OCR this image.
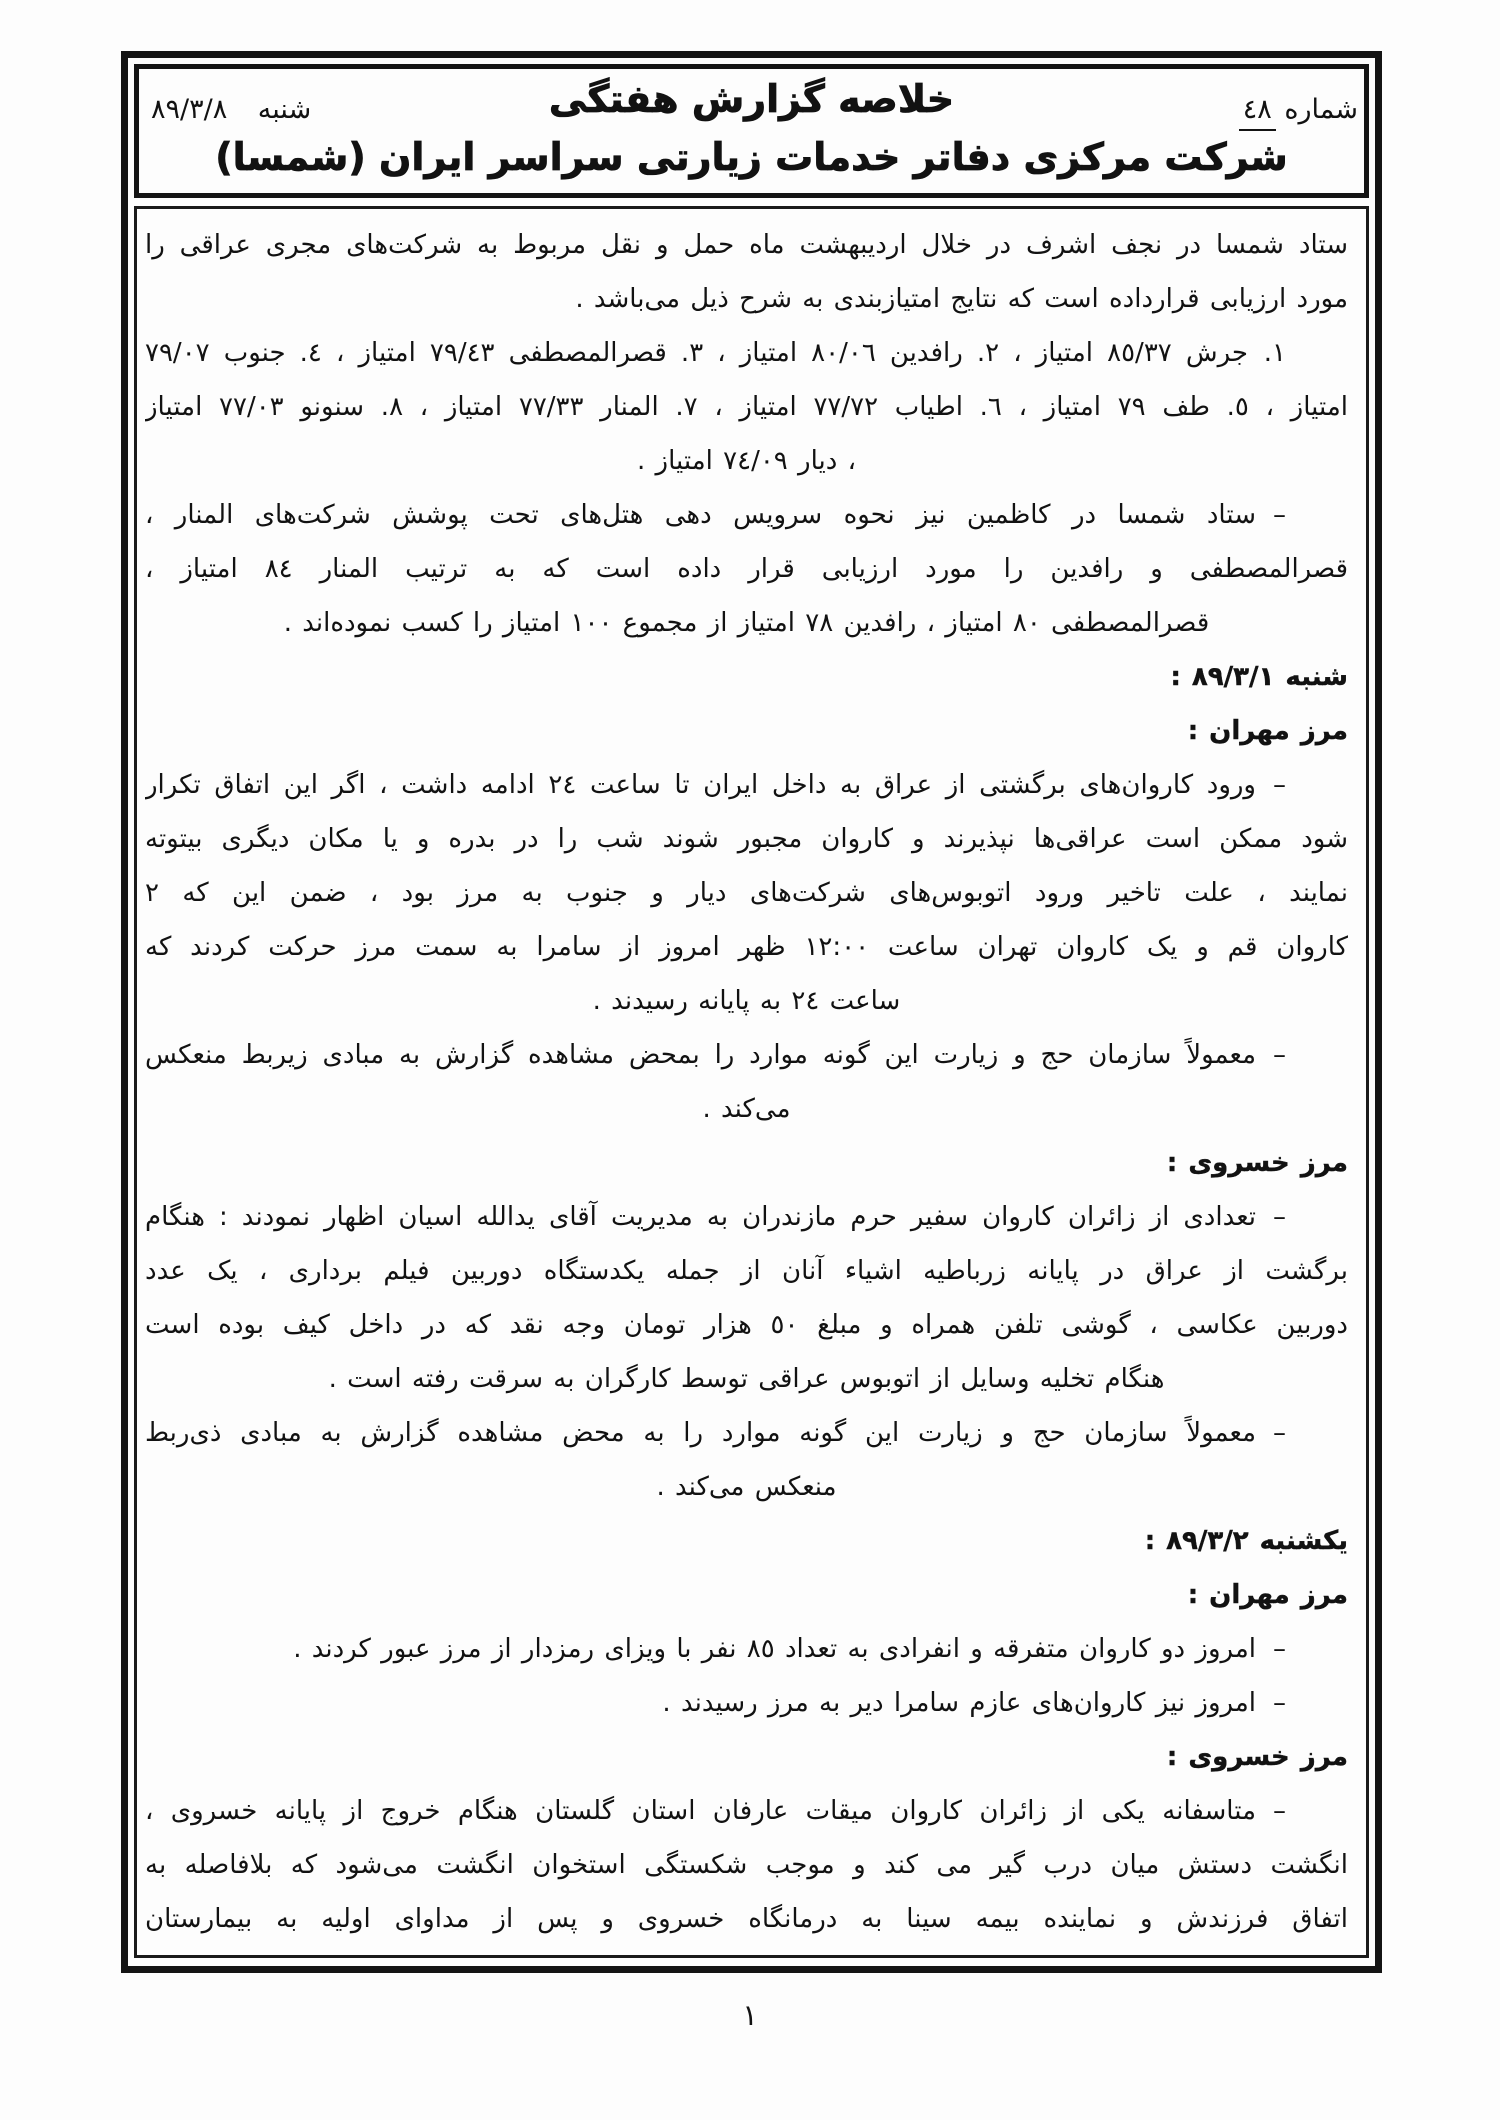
شماره ٤٨
خلاصه گزارش هفتگی
شرکت مرکزی دفاتر خدمات زیارتی سراسر ایران (شمسا)
شنبه ٨٩/٣/٨
ستاد شمسا در نجف اشرف در خلال اردیبهشت ماه حمل و نقل مربوط به شرکت‌های مجری عراقی را
مورد ارزیابی قرارداده است که نتایج امتیازبندی به شرح ذیل می‌باشد .
١.
جرش ٨٥/٣٧ امتیاز ، ٢. رافدین ٨٠/٠٦ امتیاز ، ٣. قصرالمصطفی ٧٩/٤٣ امتیاز ، ٤. جنوب ٧٩/٠٧
امتیاز ، ٥. طف ٧٩ امتیاز ، ٦. اطیاب ٧٧/٧٢ امتیاز ، ٧. المنار ٧٧/٣٣ امتیاز ، ٨. سنونو ٧٧/٠٣ امتیاز
، دیار ٧٤/٠٩ امتیاز .
–
ستاد شمسا در کاظمین نیز نحوه سرویس دهی هتل‌های تحت پوشش شرکت‌های المنار ،
قصرالمصطفی و رافدین را مورد ارزیابی قرار داده است که به ترتیب المنار ٨٤ امتیاز ،
قصرالمصطفی ٨٠ امتیاز ، رافدین ٧٨ امتیاز از مجموع ١٠٠ امتیاز را کسب نموده‌اند .
شنبه ٨٩/٣/١ :
مرز مهران :
–
ورود کاروان‌های برگشتی از عراق به داخل ایران تا ساعت ٢٤ ادامه داشت ، اگر این اتفاق تکرار
شود ممکن است عراقی‌ها نپذیرند و کاروان مجبور شوند شب را در بدره و یا مکان دیگری بیتوته
نمایند ، علت تاخیر ورود اتوبوس‌های شرکت‌های دیار و جنوب به مرز بود ، ضمن این که ٢
کاروان قم و یک کاروان تهران ساعت ١٢:٠٠ ظهر امروز از سامرا به سمت مرز حرکت کردند که
ساعت ٢٤ به پایانه رسیدند .
–
معمولاً سازمان حج و زیارت این گونه موارد را بمحض مشاهده گزارش به مبادی زیربط منعکس
می‌کند .
مرز خسروی :
–
تعدادی از زائران کاروان سفیر حرم مازندران به مدیریت آقای یدالله اسیان اظهار نمودند : هنگام
برگشت از عراق در پایانه زرباطیه اشیاء آنان از جمله یکدستگاه دوربین فیلم برداری ، یک عدد
دوربین عکاسی ، گوشی تلفن همراه و مبلغ ٥٠ هزار تومان وجه نقد که در داخل کیف بوده است
هنگام تخلیه وسایل از اتوبوس عراقی توسط کارگران به سرقت رفته است .
–
معمولاً سازمان حج و زیارت این گونه موارد را به محض مشاهده گزارش به مبادی ذی‌ربط
منعکس می‌کند .
یکشنبه ٨٩/٣/٢ :
مرز مهران :
–
امروز دو کاروان متفرقه و انفرادی به تعداد ٨٥ نفر با ویزای رمزدار از مرز عبور کردند .
–
امروز نیز کاروان‌های عازم سامرا دیر به مرز رسیدند .
مرز خسروی :
–
متاسفانه یکی از زائران کاروان میقات عارفان استان گلستان هنگام خروج از پایانه خسروی ،
انگشت دستش میان درب گیر می کند و موجب شکستگی استخوان انگشت می‌شود که بلافاصله به
اتفاق فرزندش و نماینده بیمه سینا به درمانگاه خسروی و پس از مداوای اولیه به بیمارستان
١
